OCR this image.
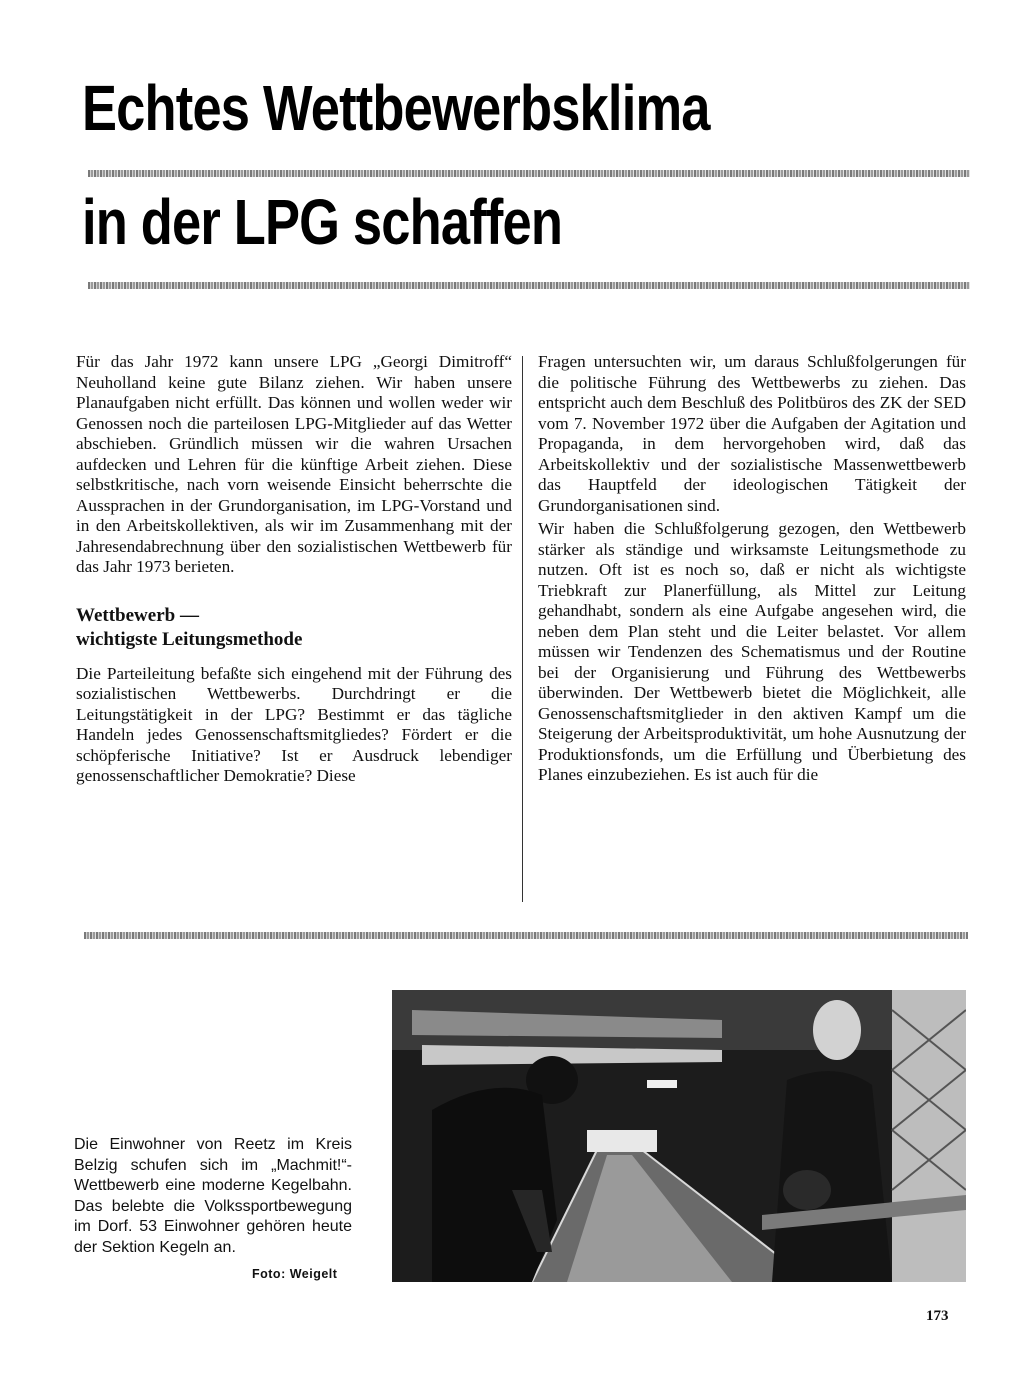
Echtes Wettbewerbsklima
in der LPG schaffen

Für das Jahr 1972 kann unsere LPG „Georgi Dimitroff“ Neuholland keine gute Bilanz ziehen. Wir haben unsere Planaufgaben nicht erfüllt. Das können und wollen weder wir Genossen noch die parteilosen LPG-Mitglieder auf das Wetter abschieben. Gründlich müssen wir die wahren Ursachen aufdecken und Lehren für die künftige Arbeit ziehen. Diese selbstkritische, nach vorn weisende Einsicht beherrschte die Aussprachen in der Grundorganisation, im LPG-Vorstand und in den Arbeitskollektiven, als wir im Zusammenhang mit der Jahresendabrechnung über den sozialistischen Wettbewerb für das Jahr 1973 berieten.

Wettbewerb —
wichtigste Leitungsmethode

Die Parteileitung befaßte sich eingehend mit der Führung des sozialistischen Wettbewerbs. Durchdringt er die Leitungstätigkeit in der LPG? Bestimmt er das tägliche Handeln jedes Genossenschaftsmitgliedes? Fördert er die schöpferische Initiative? Ist er Ausdruck lebendiger genossenschaftlicher Demokratie? Diese

Fragen untersuchten wir, um daraus Schlußfolgerungen für die politische Führung des Wettbewerbs zu ziehen. Das entspricht auch dem Beschluß des Politbüros des ZK der SED vom 7. November 1972 über die Aufgaben der Agitation und Propaganda, in dem hervorgehoben wird, daß das Arbeitskollektiv und der sozialistische Massenwettbewerb das Hauptfeld der ideologischen Tätigkeit der Grundorganisationen sind.

Wir haben die Schlußfolgerung gezogen, den Wettbewerb stärker als ständige und wirksamste Leitungsmethode zu nutzen. Oft ist es noch so, daß er nicht als wichtigste Triebkraft zur Planerfüllung, als Mittel zur Leitung gehandhabt, sondern als eine Aufgabe angesehen wird, die neben dem Plan steht und die Leiter belastet. Vor allem müssen wir Tendenzen des Schematismus und der Routine bei der Organisierung und Führung des Wettbewerbs überwinden. Der Wettbewerb bietet die Möglichkeit, alle Genossenschaftsmitglieder in den aktiven Kampf um die Steigerung der Arbeitsproduktivität, um hohe Ausnutzung der Produktionsfonds, um die Erfüllung und Überbietung des Planes einzubeziehen. Es ist auch für die

Die Einwohner von Reetz im Kreis Belzig schufen sich im „Machmit!“-Wettbewerb eine moderne Kegelbahn. Das belebte die Volkssportbewegung im Dorf. 53 Einwohner gehören heute der Sektion Kegeln an.
Foto: Weigelt
173
